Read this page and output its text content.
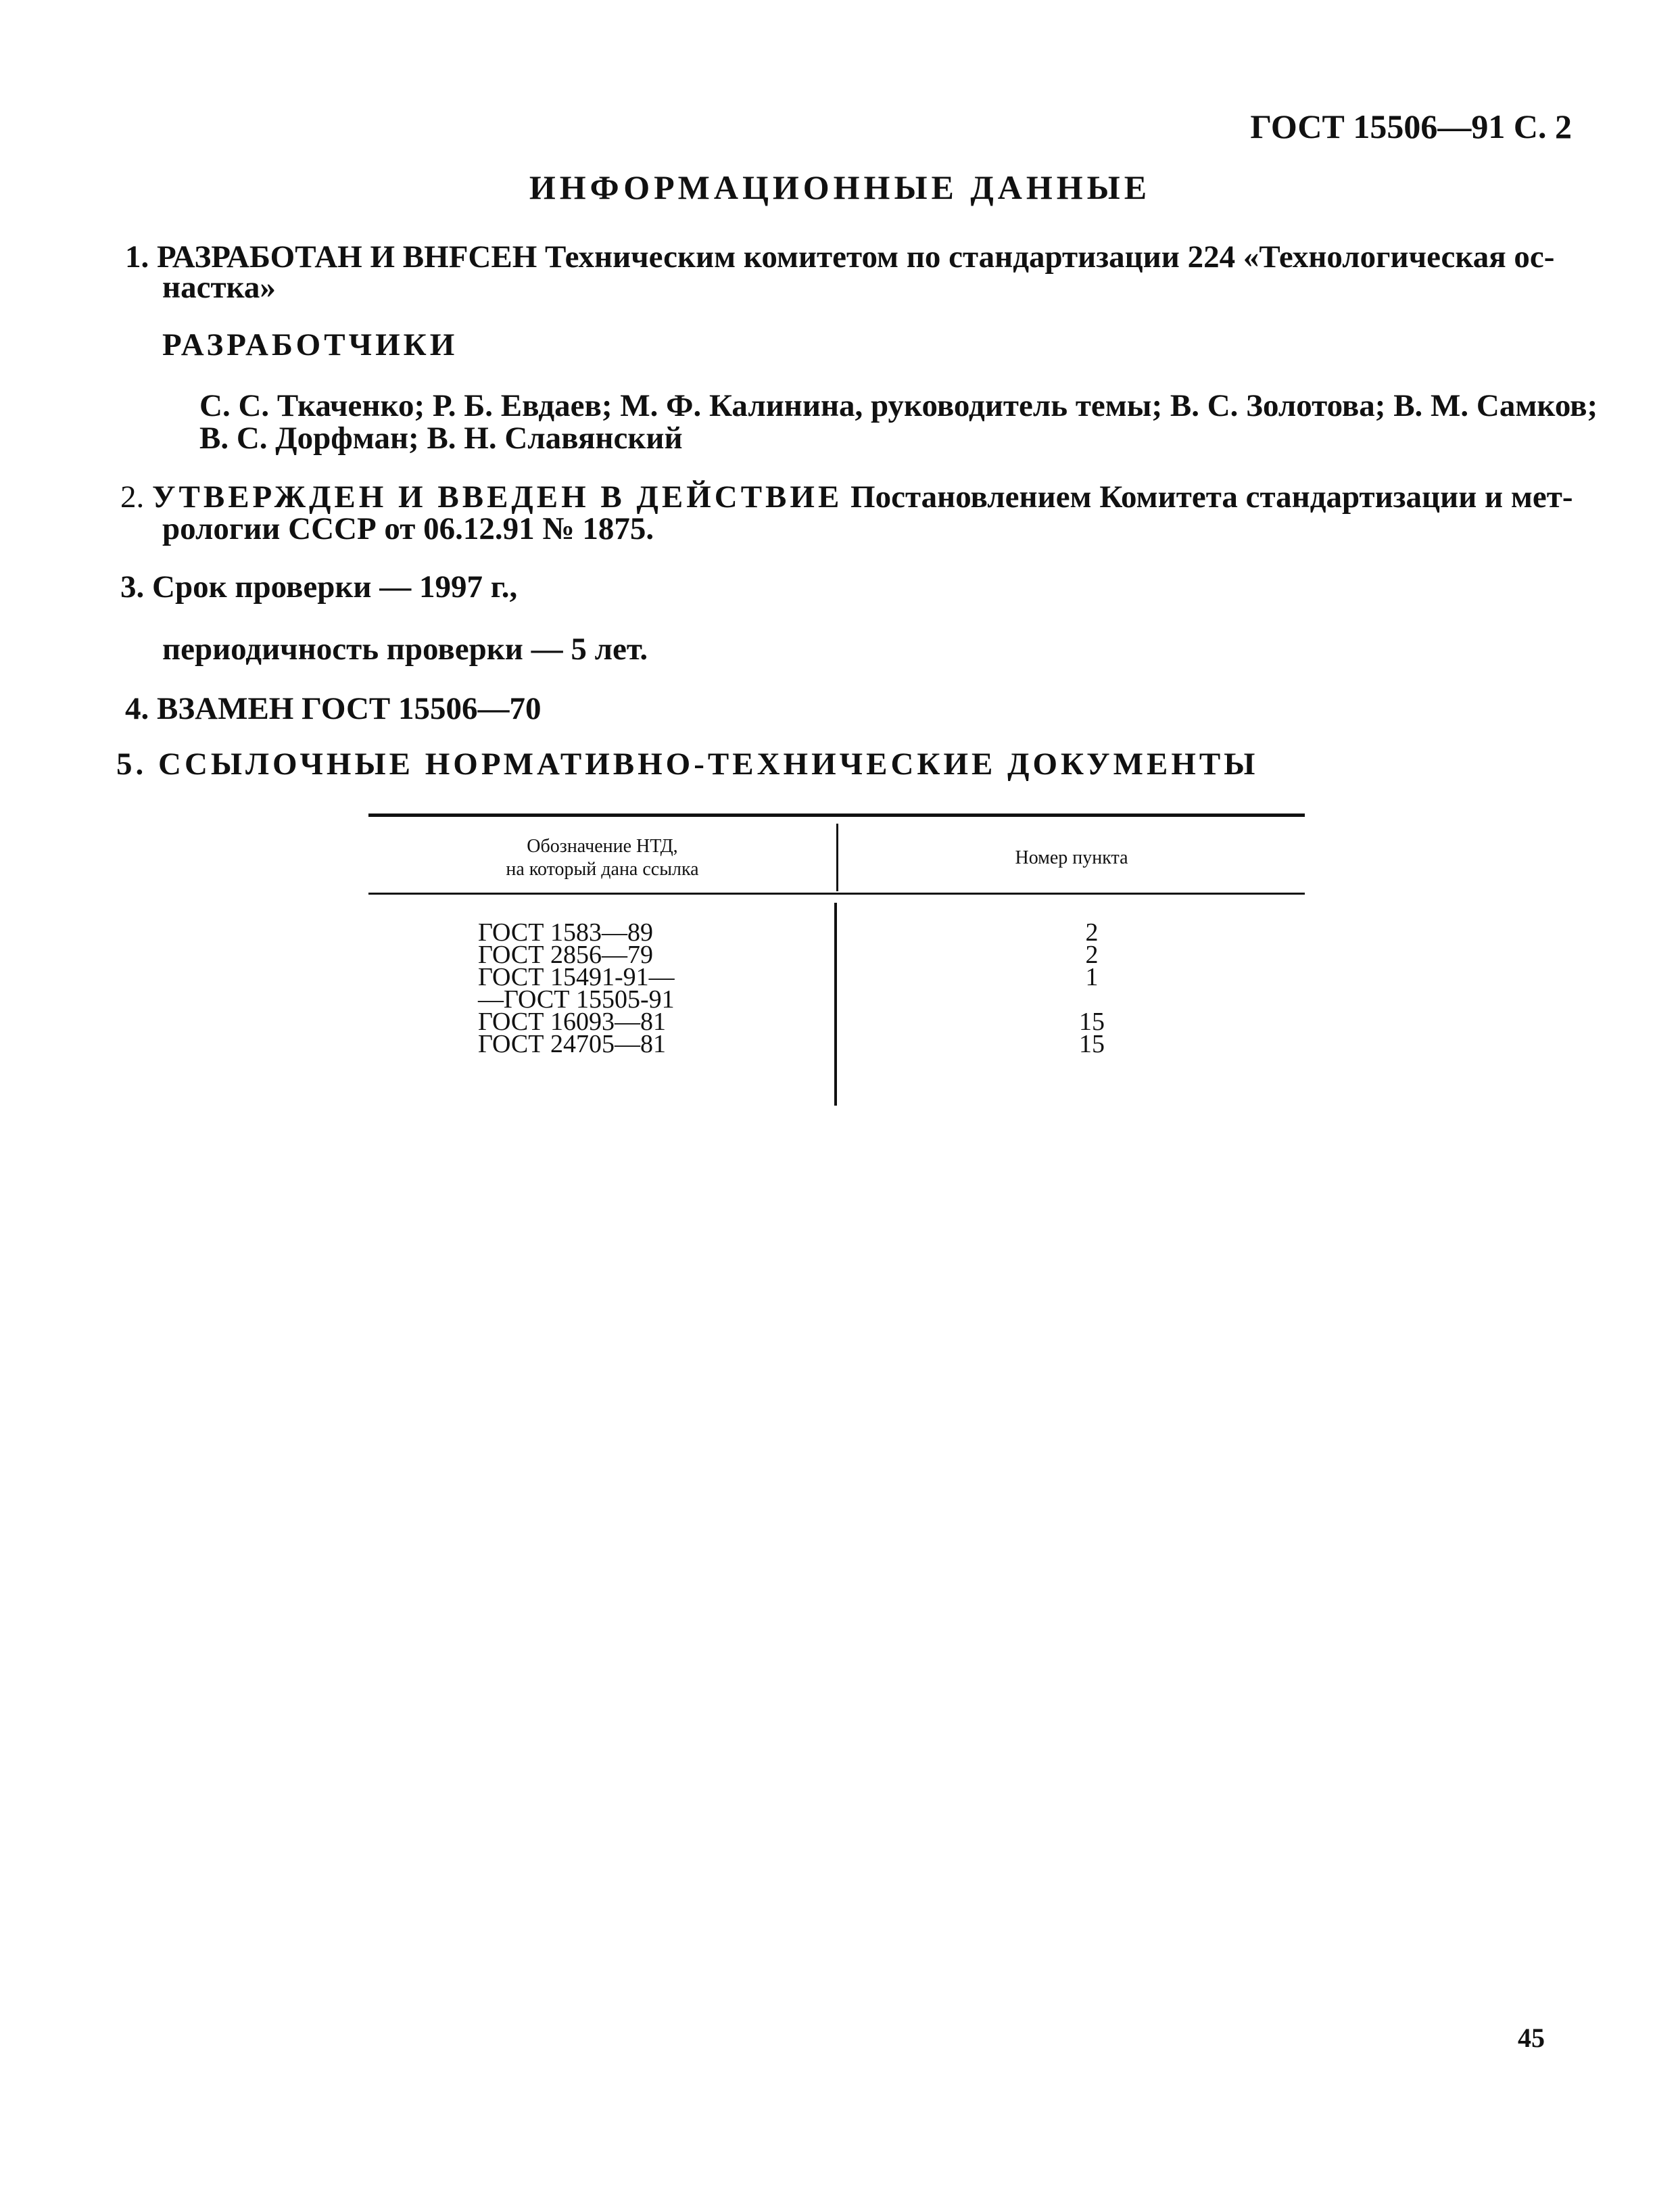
ГОСТ 15506—91 С. 2
ИНФОРМАЦИОННЫЕ ДАННЫЕ
1. РАЗРАБОТАН И ВНFСЕН Техническим комитетом по стандартизации 224 «Технологическая ос-
настка»
РАЗРАБОТЧИКИ
С. С. Ткаченко; Р. Б. Евдаев; М. Ф. Калинина, руководитель темы; В. С. Золотова; В. М. Самков;
В. С. Дорфман; В. Н. Славянский
2. УТВЕРЖДЕН И ВВЕДЕН В ДЕЙСТВИЕ Постановлением Комитета стандартизации и мет-
рологии СССР от 06.12.91 № 1875.
3. Срок проверки — 1997 г.,
периодичность проверки — 5 лет.
4. ВЗАМЕН ГОСТ 15506—70
5. ССЫЛОЧНЫЕ НОРМАТИВНО-ТЕХНИЧЕСКИЕ ДОКУМЕНТЫ
Обозначение НТД,
на который дана ссылка
Номер пункта
ГОСТ 1583—89
ГОСТ 2856—79
ГОСТ 15491-91—
—ГОСТ 15505-91
ГОСТ 16093—81
ГОСТ 24705—81
2
2
1
15
15
45
